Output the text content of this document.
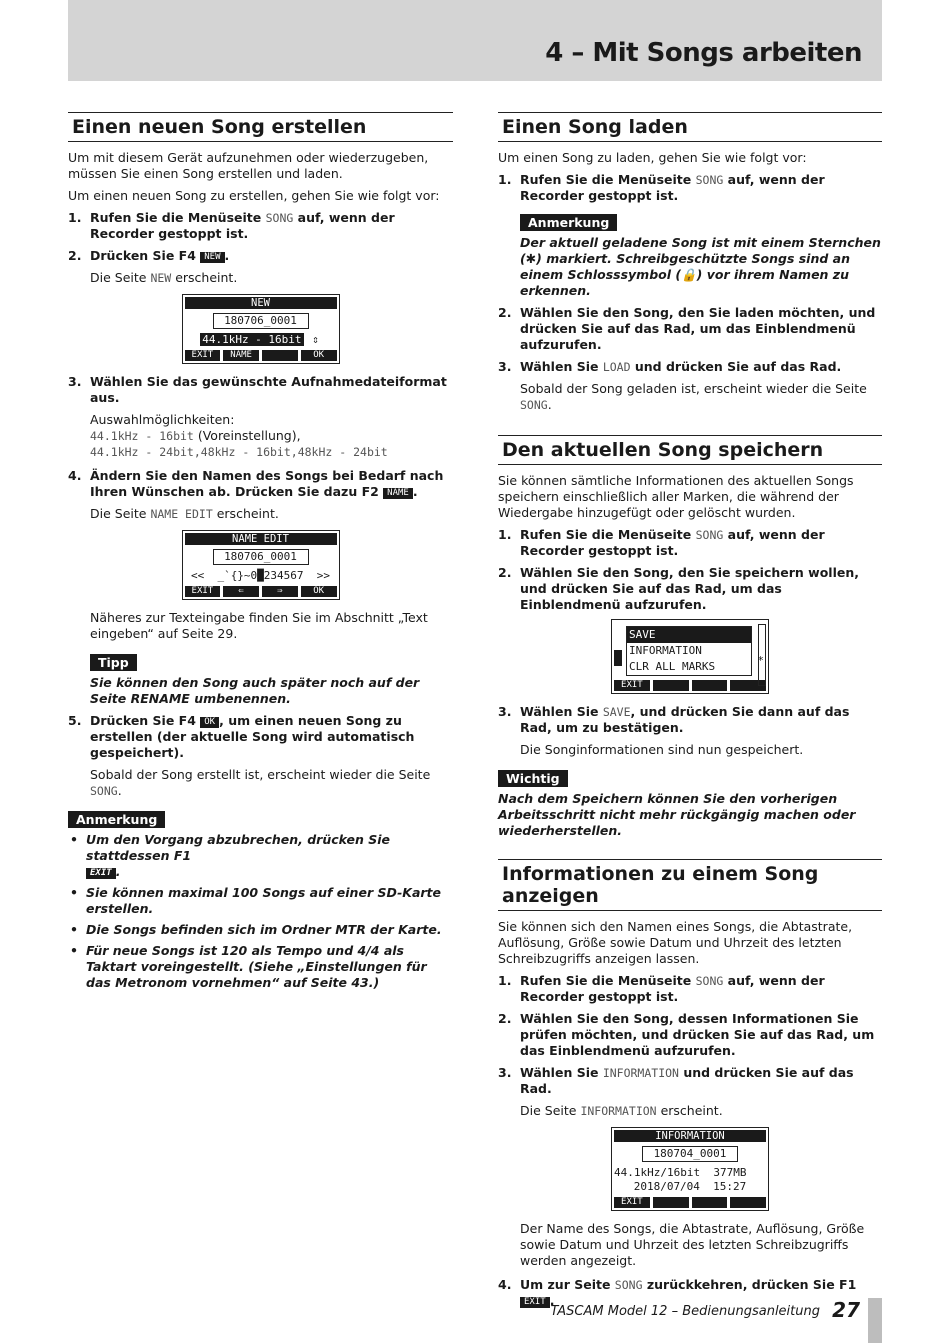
4 – Mit Songs arbeiten
Einen neuen Song erstellen

Um mit diesem Gerät aufzunehmen oder wiederzugeben, müssen Sie einen Song erstellen und laden.

Um einen neuen Song zu erstellen, gehen Sie wie folgt vor:

1. Rufen Sie die Menüseite SONG auf, wenn der Recorder gestoppt ist.
2. Drücken Sie F4 NEW .
Die Seite NEW erscheint.
NEW
180706_0001
44.1kHz - 16bit ⇕
EXIT	NAME	OK
3. Wählen Sie das gewünschte Aufnahmedateiformat aus.
Auswahlmöglichkeiten:
44.1kHz - 16bit (Voreinstellung),
44.1kHz - 24bit,48kHz - 16bit,48kHz - 24bit
4. Ändern Sie den Namen des Songs bei Bedarf nach Ihren Wünschen ab. Drücken Sie dazu F2 NAME .
Die Seite NAME EDIT erscheint.
NAME EDIT
180706_0001
<<  _`{}~0█234567  >>
EXIT	⇐	⇒	OK
Näheres zur Texteingabe finden Sie im Abschnitt „Text eingeben“ auf Seite 29.
Tipp
Sie können den Song auch später noch auf der Seite RENAME umbenennen.
5. Drücken Sie F4 OK , um einen neuen Song zu erstellen (der aktuelle Song wird automatisch gespeichert).
Sobald der Song erstellt ist, erscheint wieder die Seite SONG.
Anmerkung
• Um den Vorgang abzubrechen, drücken Sie stattdessen F1
EXIT .
• Sie können maximal 100 Songs auf einer SD-Karte erstellen.
• Die Songs befinden sich im Ordner MTR der Karte.
• Für neue Songs ist 120 als Tempo und 4/4 als Taktart voreingestellt. (Siehe „Einstellungen für das Metronom vornehmen“ auf Seite 43.)
Einen Song laden

Um einen Song zu laden, gehen Sie wie folgt vor:

1. Rufen Sie die Menüseite SONG auf, wenn der Recorder gestoppt ist.
Anmerkung
Der aktuell geladene Song ist mit einem Sternchen (✱) markiert. Schreibgeschützte Songs sind an einem Schlosssymbol (🔒) vor ihrem Namen zu erkennen.
2. Wählen Sie den Song, den Sie laden möchten, und drücken Sie auf das Rad, um das Einblendmenü aufzurufen.
3. Wählen Sie LOAD und drücken Sie auf das Rad.
Sobald der Song geladen ist, erscheint wieder die Seite SONG.
Den aktuellen Song speichern

Sie können sämtliche Informationen des aktuellen Songs speichern einschließlich aller Marken, die während der Wiedergabe hinzugefügt oder gelöscht wurden.

1. Rufen Sie die Menüseite SONG auf, wenn der Recorder gestoppt ist.
2. Wählen Sie den Song, den Sie speichern wollen, und drücken Sie auf das Rad, um das Einblendmenü aufzurufen.
SAVE
INFORMATION
CLR ALL MARKS	*
EXIT
3. Wählen Sie SAVE, und drücken Sie dann auf das Rad, um zu bestätigen.
Die Songinformationen sind nun gespeichert.
Wichtig
Nach dem Speichern können Sie den vorherigen Arbeitsschritt nicht mehr rückgängig machen oder wiederherstellen.
Informationen zu einem Song anzeigen

Sie können sich den Namen eines Songs, die Abtastrate, Auflösung, Größe sowie Datum und Uhrzeit des letzten Schreibzugriffs anzeigen lassen.

1. Rufen Sie die Menüseite SONG auf, wenn der Recorder gestoppt ist.
2. Wählen Sie den Song, dessen Informationen Sie prüfen möchten, und drücken Sie auf das Rad, um das Einblendmenü aufzurufen.
3. Wählen Sie INFORMATION und drücken Sie auf das Rad.
Die Seite INFORMATION erscheint.
INFORMATION
180704_0001
44.1kHz/16bit  377MB
2018/07/04  15:27
EXIT
Der Name des Songs, die Abtastrate, Auflösung, Größe sowie Datum und Uhrzeit des letzten Schreibzugriffs werden angezeigt.
4. Um zur Seite SONG zurückkehren, drücken Sie F1 EXIT .
TASCAM Model 12 – Bedienungsanleitung 27
